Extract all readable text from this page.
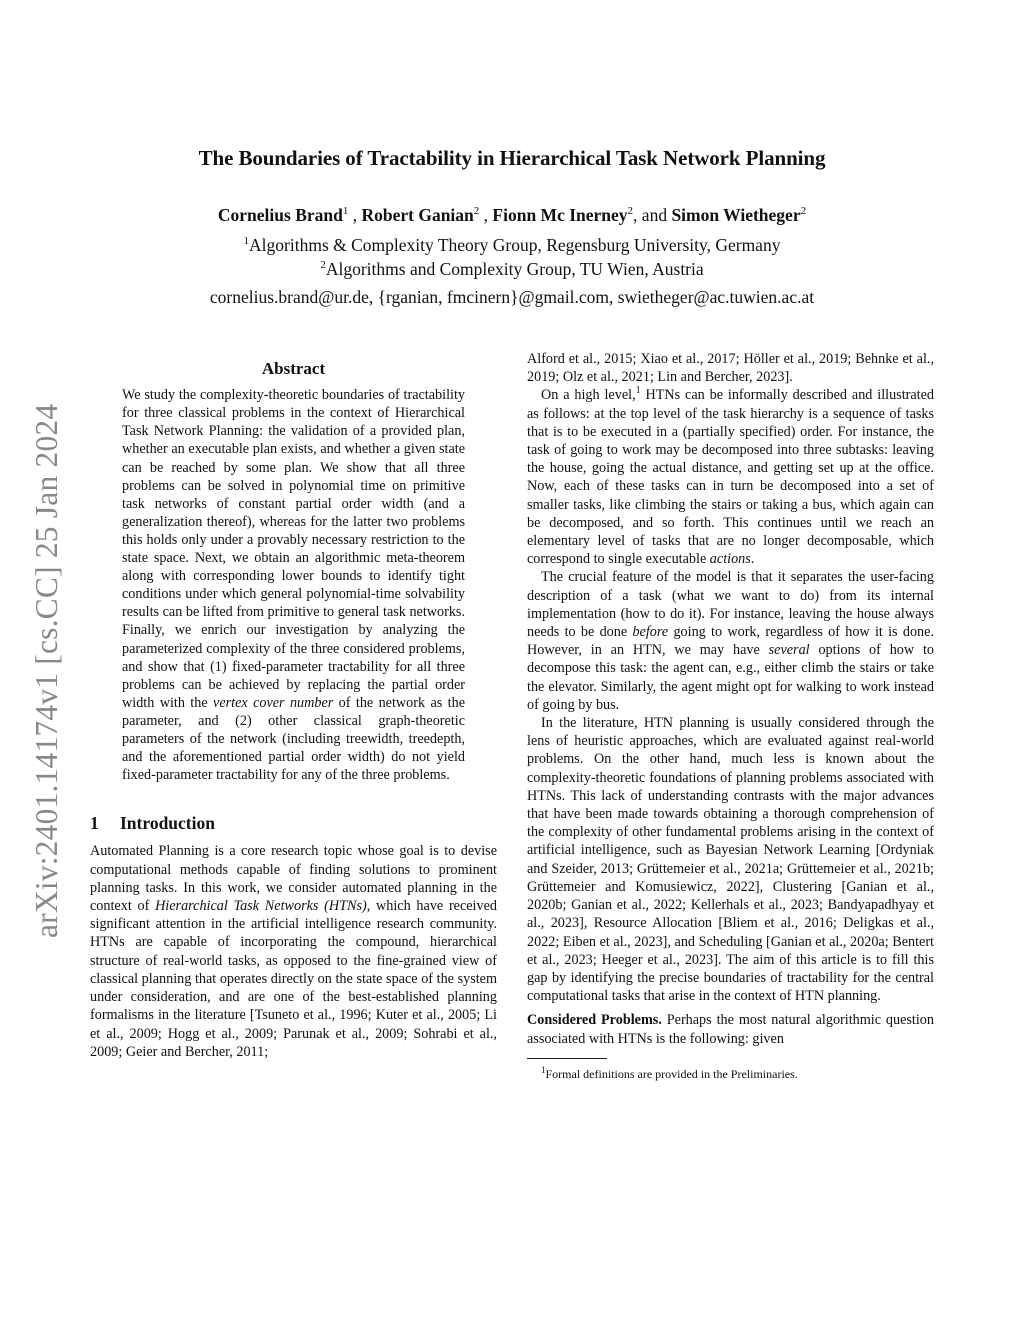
The Boundaries of Tractability in Hierarchical Task Network Planning
Cornelius Brand$^1$ , Robert Ganian$^2$ , Fionn Mc Inerney$^2$, and Simon Wietheger$^2$
$^1$Algorithms & Complexity Theory Group, Regensburg University, Germany
$^2$Algorithms and Complexity Group, TU Wien, Austria
cornelius.brand@ur.de, {rganian, fmcinern}@gmail.com, swietheger@ac.tuwien.ac.at
arXiv:2401.14174v1 [cs.CC] 25 Jan 2024
Abstract
We study the complexity-theoretic boundaries of tractability for three classical problems in the context of Hierarchical Task Network Planning: the validation of a provided plan, whether an executable plan exists, and whether a given state can be reached by some plan. We show that all three problems can be solved in polynomial time on primitive task networks of constant partial order width (and a generalization thereof), whereas for the latter two problems this holds only under a provably necessary restriction to the state space. Next, we obtain an algorithmic meta-theorem along with corresponding lower bounds to identify tight conditions under which general polynomial-time solvability results can be lifted from primitive to general task networks. Finally, we enrich our investigation by analyzing the parameterized complexity of the three considered problems, and show that (1) fixed-parameter tractability for all three problems can be achieved by replacing the partial order width with the vertex cover number of the network as the parameter, and (2) other classical graph-theoretic parameters of the network (including treewidth, treedepth, and the aforementioned partial order width) do not yield fixed-parameter tractability for any of the three problems.
1 Introduction

Automated Planning is a core research topic whose goal is to devise computational methods capable of finding solutions to prominent planning tasks. In this work, we consider automated planning in the context of Hierarchical Task Networks (HTNs), which have received significant attention in the artificial intelligence research community. HTNs are capable of incorporating the compound, hierarchical structure of real-world tasks, as opposed to the fine-grained view of classical planning that operates directly on the state space of the system under consideration, and are one of the best-established planning formalisms in the literature [Tsuneto et al., 1996; Kuter et al., 2005; Li et al., 2009; Hogg et al., 2009; Parunak et al., 2009; Sohrabi et al., 2009; Geier and Bercher, 2011;

Alford et al., 2015; Xiao et al., 2017; Höller et al., 2019; Behnke et al., 2019; Olz et al., 2021; Lin and Bercher, 2023].

On a high level,$^1$ HTNs can be informally described and illustrated as follows: at the top level of the task hierarchy is a sequence of tasks that is to be executed in a (partially specified) order. For instance, the task of going to work may be decomposed into three subtasks: leaving the house, going the actual distance, and getting set up at the office. Now, each of these tasks can in turn be decomposed into a set of smaller tasks, like climbing the stairs or taking a bus, which again can be decomposed, and so forth. This continues until we reach an elementary level of tasks that are no longer decomposable, which correspond to single executable actions.

The crucial feature of the model is that it separates the user-facing description of a task (what we want to do) from its internal implementation (how to do it). For instance, leaving the house always needs to be done before going to work, regardless of how it is done. However, in an HTN, we may have several options of how to decompose this task: the agent can, e.g., either climb the stairs or take the elevator. Similarly, the agent might opt for walking to work instead of going by bus.

In the literature, HTN planning is usually considered through the lens of heuristic approaches, which are evaluated against real-world problems. On the other hand, much less is known about the complexity-theoretic foundations of planning problems associated with HTNs. This lack of understanding contrasts with the major advances that have been made towards obtaining a thorough comprehension of the complexity of other fundamental problems arising in the context of artificial intelligence, such as Bayesian Network Learning [Ordyniak and Szeider, 2013; Grüttemeier et al., 2021a; Grüttemeier et al., 2021b; Grüttemeier and Komusiewicz, 2022], Clustering [Ganian et al., 2020b; Ganian et al., 2022; Kellerhals et al., 2023; Bandyapadhyay et al., 2023], Resource Allocation [Bliem et al., 2016; Deligkas et al., 2022; Eiben et al., 2023], and Scheduling [Ganian et al., 2020a; Bentert et al., 2023; Heeger et al., 2023]. The aim of this article is to fill this gap by identifying the precise boundaries of tractability for the central computational tasks that arise in the context of HTN planning.

Considered Problems. Perhaps the most natural algorithmic question associated with HTNs is the following: given

$^1$Formal definitions are provided in the Preliminaries.
